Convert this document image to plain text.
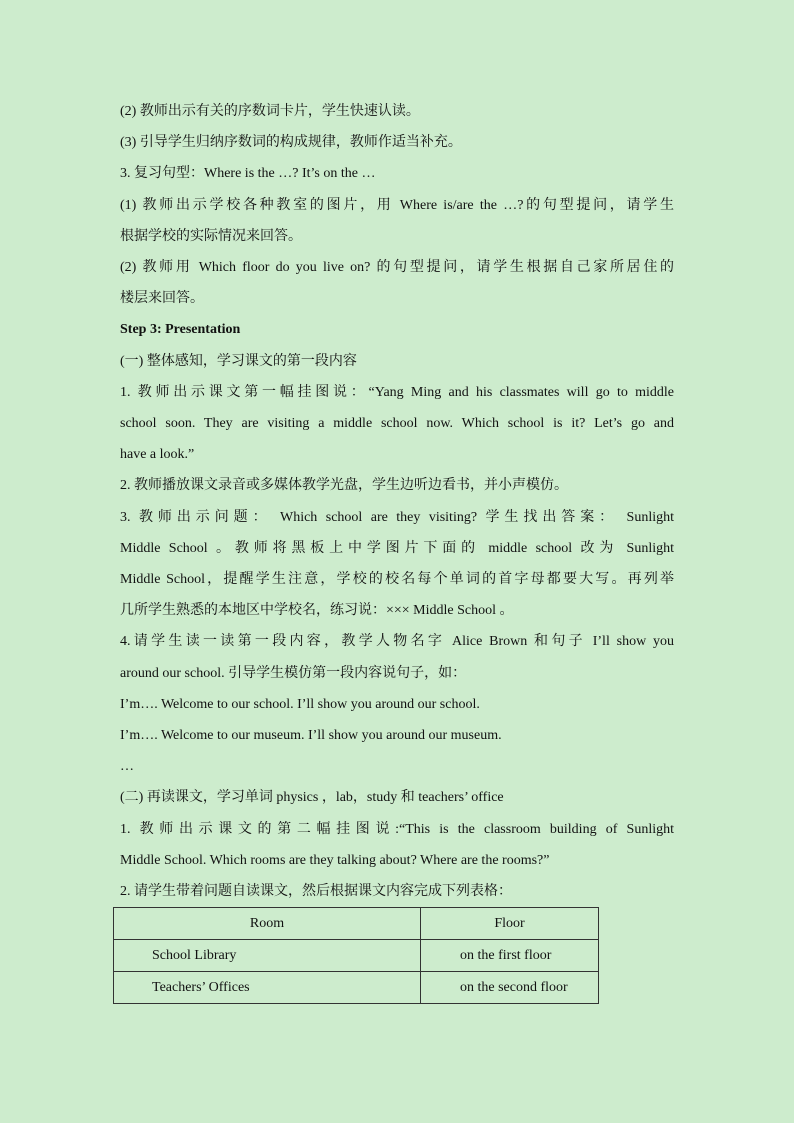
(2) 教师出示有关的序数词卡片，学生快速认读。
(3) 引导学生归纳序数词的构成规律，教师作适当补充。
3. 复习句型：Where is the …? It’s on the …
(1) 教师出示学校各种教室的图片，用 Where is/are the …?的句型提问，请学生
根据学校的实际情况来回答。
(2) 教师用 Which floor do you live on? 的句型提问，请学生根据自己家所居住的
楼层来回答。
Step 3: Presentation
(一) 整体感知，学习课文的第一段内容
1. 教师出示课文第一幅挂图说：“Yang Ming and his classmates will go to middle
school soon. They are visiting a middle school now. Which school is it? Let’s go and
have a look.”
2. 教师播放课文录音或多媒体教学光盘，学生边听边看书，并小声模仿。
3. 教师出示问题： Which school are they visiting? 学生找出答案： Sunlight
Middle School 。教师将黑板上中学图片下面的 middle school 改为 Sunlight
Middle School，提醒学生注意，学校的校名每个单词的首字母都要大写。再列举
几所学生熟悉的本地区中学校名，练习说：××× Middle School 。
4.请学生读一读第一段内容，教学人物名字 Alice Brown 和句子 I’ll show you
around our school. 引导学生模仿第一段内容说句子，如：
I’m…. Welcome to our school. I’ll show you around our school.
I’m…. Welcome to our museum. I’ll show you around our museum.
…
(二) 再读课文，学习单词 physics ，lab，study 和 teachers’ office
1. 教师出示课文的第二幅挂图说:“This is the classroom building of Sunlight
Middle School. Which rooms are they talking about? Where are the rooms?”
2. 请学生带着问题自读课文，然后根据课文内容完成下列表格：
Room	Floor
School Library	on the first floor
Teachers’ Offices	on the second floor
